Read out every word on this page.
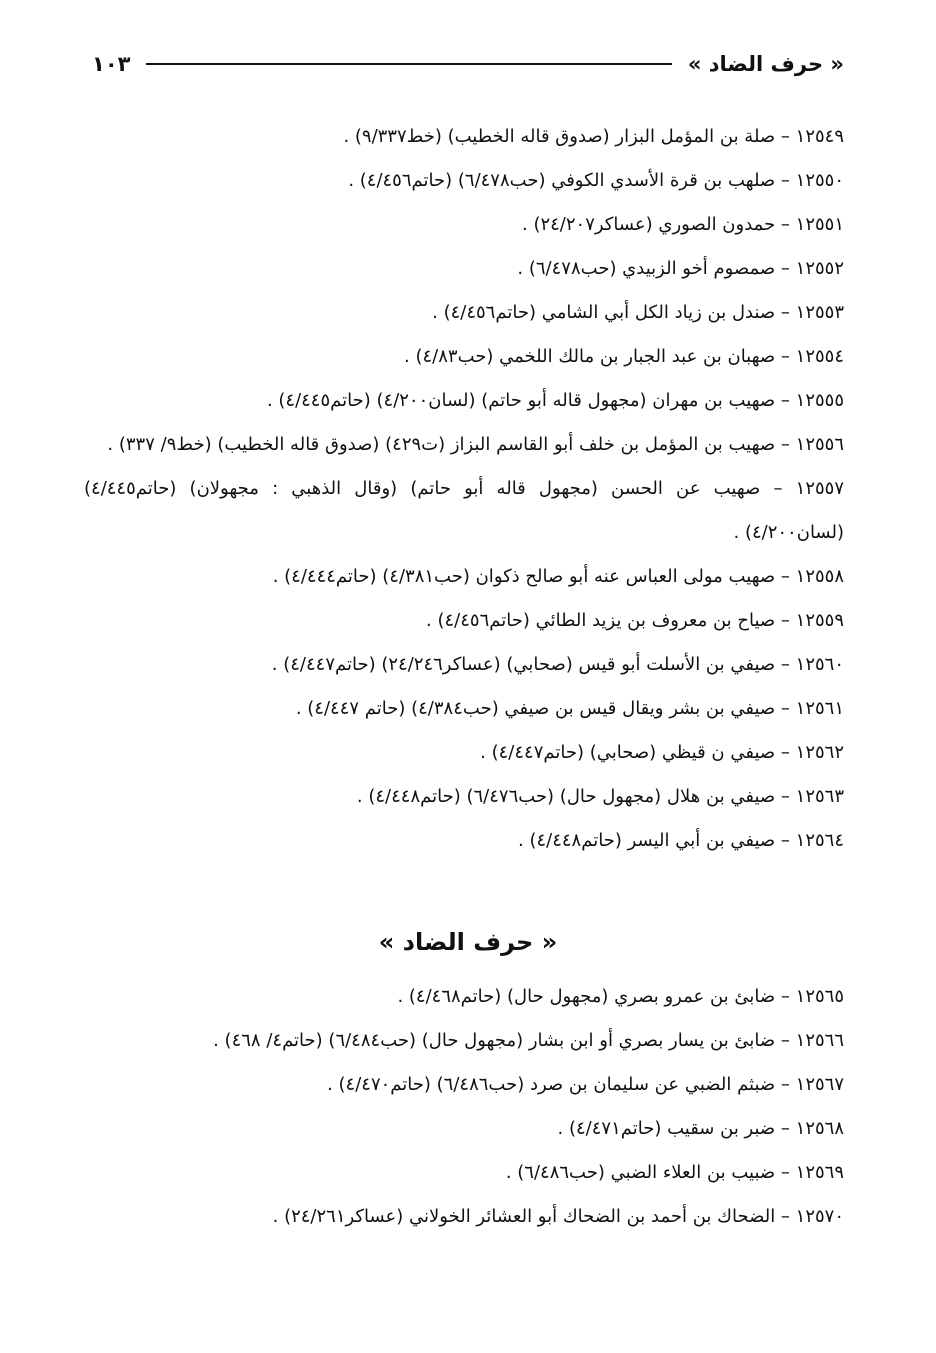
« حرف الضاد »
١٠٣
١٢٥٤٩ – صلة بن المؤمل البزار (صدوق قاله الخطيب) (خط٩/٣٣٧) .
١٢٥٥٠ – صلهب بن قرة الأسدي الكوفي (حب٦/٤٧٨) (حاتم٤/٤٥٦) .
١٢٥٥١ – حمدون الصوري (عساكر٢٤/٢٠٧) .
١٢٥٥٢ – صمصوم أخو الزبيدي (حب٦/٤٧٨) .
١٢٥٥٣ – صندل بن زياد الكل أبي الشامي (حاتم٤/٤٥٦) .
١٢٥٥٤ – صهبان بن عبد الجبار بن مالك اللخمي (حب٤/٨٣) .
١٢٥٥٥ – صهيب بن مهران (مجهول قاله أبو حاتم) (لسان٤/٢٠٠) (حاتم٤/٤٤٥) .
١٢٥٥٦ – صهيب بن المؤمل بن خلف أبو القاسم البزاز (ت٤٢٩) (صدوق قاله الخطيب) (خط٩/ ٣٣٧) .
١٢٥٥٧ – صهيب عن الحسن (مجهول قاله أبو حاتم) (وقال الذهبي : مجهولان) (حاتم٤/٤٤٥) (لسان٤/٢٠٠) .
١٢٥٥٨ – صهيب مولى العباس عنه أبو صالح ذكوان (حب٤/٣٨١) (حاتم٤/٤٤٤) .
١٢٥٥٩ – صياح بن معروف بن يزيد الطائي (حاتم٤/٤٥٦) .
١٢٥٦٠ – صيفي بن الأسلت أبو قيس (صحابي) (عساكر٢٤/٢٤٦) (حاتم٤/٤٤٧) .
١٢٥٦١ – صيفي بن بشر ويقال قيس بن صيفي (حب٤/٣٨٤) (حاتم ٤/٤٤٧) .
١٢٥٦٢ – صيفي ن قيظي (صحابي) (حاتم٤/٤٤٧) .
١٢٥٦٣ – صيفي بن هلال (مجهول حال) (حب٦/٤٧٦) (حاتم٤/٤٤٨) .
١٢٥٦٤ – صيفي بن أبي اليسر (حاتم٤/٤٤٨) .
« حرف الضاد »
١٢٥٦٥ – ضابئ بن عمرو بصري (مجهول حال) (حاتم٤/٤٦٨) .
١٢٥٦٦ – ضابئ بن يسار بصري أو ابن بشار (مجهول حال) (حب٦/٤٨٤) (حاتم٤/ ٤٦٨) .
١٢٥٦٧ – ضبثم الضبي عن سليمان بن صرد (حب٦/٤٨٦) (حاتم٤/٤٧٠) .
١٢٥٦٨ – ضبر بن سقيب (حاتم٤/٤٧١) .
١٢٥٦٩ – ضبيب بن العلاء الضبي (حب٦/٤٨٦) .
١٢٥٧٠ – الضحاك بن أحمد بن الضحاك أبو العشائر الخولاني (عساكر٢٤/٢٦١) .
